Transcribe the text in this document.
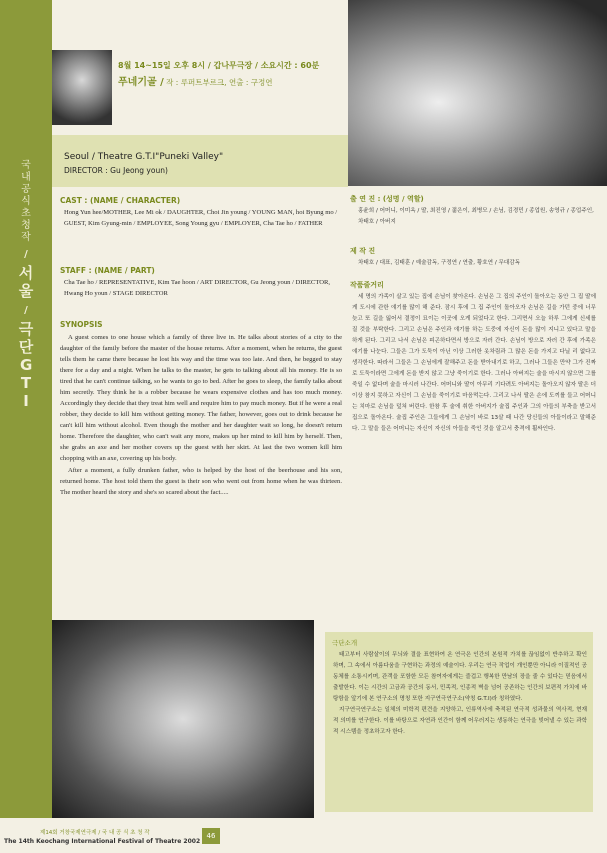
국내공식초청작
/
서울
/
극단
GTI
8월 14~15일 오후 8시 / 갑나무극장 / 소요시간 : 60분
푸네기골 / 작 : 루퍼트부르크, 연출 : 구정연
Seoul / Theatre G.T.I"Puneki Valley"
DIRECTOR : Gu Jeong youn)
CAST : (NAME / CHARACTER)
Hong Yun hee/MOTHER, Lee Mi ok / DAUGHTER, Choi Jin young / YOUNG MAN, hoi Byung mo / GUEST, Kim Gyung-min / EMPLOYEE, Song Young gyu / EMPLOYER, Cha Tae ho / FATHER
STAFF : (NAME / PART)
Cha Tae ho / REPRESENTATIVE, Kim Tae hoon / ART DIRECTOR, Gu Jeong youn / DIRECTOR, Hwang Ho youn / STAGE DIRECTOR
SYNOPSIS

A guest comes to one house which a family of three live in. He talks about stories of a city to the daughter of the family before the master of the house returns. After a moment, when he returns, the guest tells them he came there because he lost his way and the time was too late. And then, he begged to stay there for a day and a night. When he talks to the master, he gets to talking about all his money. He is so tired that he can't continue talking, so he wants to go to bed. After he goes to sleep, the family talks about him secretly. They think he is a robber because he wears expensive clothes and has too much money. Accordingly they decide that they treat him well and require him to pay much money. But if he were a real robber, they decide to kill him without getting money. The father, however, goes out to drink because he can't kill him without alcohol. Even though the mother and her daughter wait so long, he doesn't return home. Therefore the daughter, who can't wait any more, makes up her mind to kill him by herself. Then, she grabs an axe and her mother covers up the guest with her skirt. At last the two women kill him chopping with an axe, covering up his body.

After a moment, a fully drunken father, who is helped by the host of the beerhouse and his son, returned home. The host told them the guest is their son who went out from home when he was thirteen. The mother heard the story and she's so scared about the fact.....

출 연 진 : (성명 / 역할)
홍윤희 / 어머니, 이미옥 / 딸, 최진영 / 젊은이, 최병모 / 손님, 김경민 / 종업원, 송영규 / 종업주인, 차태호 / 아버지
제 작 진
차태호 / 대표, 김태훈 / 예술감독, 구정연 / 연출, 황호연 / 무대감독
작품줄거리

세 명의 가족이 살고 있는 집에 손님이 찾아온다. 손님은 그 집의 주인이 돌아오는 동안 그 집 딸에게 도시에 관한 얘기를 많이 해 준다. 잠시 후에 그 집 주인이 돌아오자 손님은 길을 가던 중에 너무 늦고 또 길을 잃어서 결정이 묘이는 이곳에 오게 되었다고 한다. 그리면서 오늘 하루 그에게 신세를 질 것을 부탁한다. 그리고 손님은 주인과 얘기를 하는 도중에 자신이 돈을 많이 지니고 있다고 말을 하게 된다. 그리고 나서 손님은 피곤하다면서 방으로 자러 간다. 손님이 방으로 자러 간 후에 가족은 얘기를 나눈다. 그들은 그가 도둑이 아닌 이상 그러한 옷차림과 그 많은 돈을 가지고 다닐 리 없다고 생각한다. 따라서 그들은 그 손님에게 잘해주고 돈을 받아내기로 하고, 그러나 그들은 만약 그가 진짜로 도둑이라면 그에게 돈을 받지 않고 그냥 죽이기로 한다. 그러나 아버지는 술을 마시지 않으면 그를 죽일 수 없다며 술을 마시러 나간다. 어머니와 딸이 아무리 기다려도 아버지는 돌아오지 않자 딸은 더 이상 참지 못하고 자신이 그 손님을 죽이기로 마음먹는다. 그리고 나서 딸은 손에 도끼를 들고 어머니는 치마로 손님을 덮쳐 버린다. 한참 후 술에 취한 아버지가 술집 주인과 그의 아들의 부축을 받고서 집으로 돌아온다. 술집 주인은 그들에게 그 손님이 바로 13살 때 나간 당신들의 아들이라고 말해준다. 그 말을 들은 어머니는 자신이 자신의 아들을 죽인 것을 알고서 충격에 휩싸인다.

극단소개

태고부터 사람살이의 무늬와 결을 표현하여 온 연극은 인간의 본원적 가치를 끊임없이 반추하고 확인하며, 그 속에서 아름다움을 구현하는 과정의 예술이다. 우리는 연극 작업이 개인뿐만 아니라 이질적인 공동체를 소통시키며, 관객을 포함한 모든 참여자에게는 즐겁고 행복한 만남의 장을 줄 수 있다는 믿음에서 출발한다. 이는 시간의 고금과 공간의 동서, 민족적, 인종적 벽을 넘어 공존하는 인간의 보편적 가치에 바탕함을 앞기에 본 연구소의 명칭 또한 지구연극연구소(약칭 G.T.I)라 칭하였다.

지구연극연구소는 일체의 미학적 편견을 지양하고, 인류역사에 축적된 연극적 성과물의 역사적, 현재적 의미를 연구한다. 이를 바탕으로 자연과 인간이 함께 어우러지는 생동하는 연극을 빚어낼 수 있는 과학적 시스템을 정초하고자 한다.

제14회 거창국제연극제 / 국 내 공 식 초 청 작
The 14th Keochang International Festival of Theatre 2002
46
